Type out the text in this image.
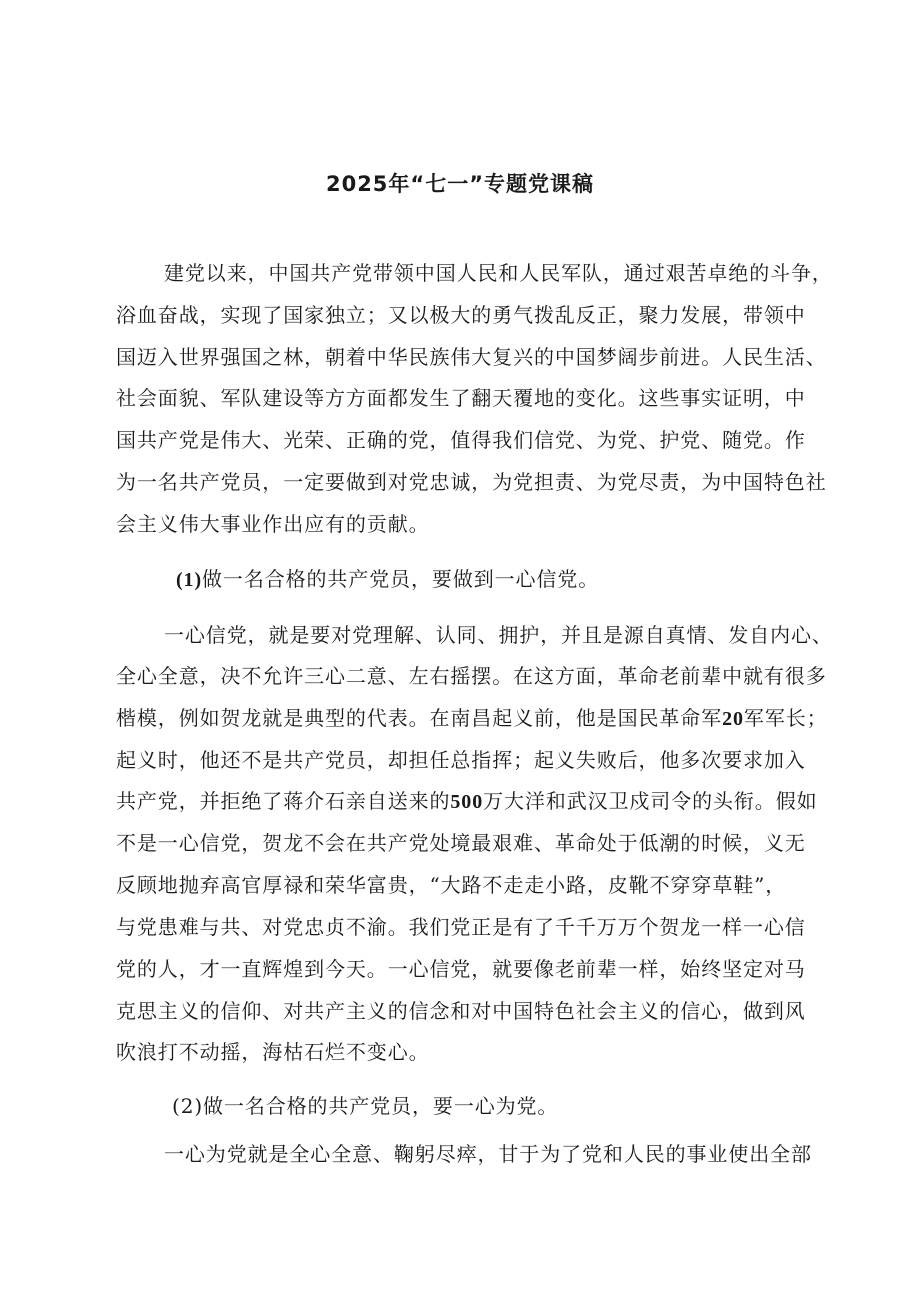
2025年“七一”专题党课稿

建党以来，中国共产党带领中国人民和人民军队，通过艰苦卓绝的斗争，

浴血奋战，实现了国家独立；又以极大的勇气拨乱反正，聚力发展，带领中

国迈入世界强国之林，朝着中华民族伟大复兴的中国梦阔步前进。人民生活、

社会面貌、军队建设等方方面都发生了翻天覆地的变化。这些事实证明，中

国共产党是伟大、光荣、正确的党，值得我们信党、为党、护党、随党。作

为一名共产党员，一定要做到对党忠诚，为党担责、为党尽责，为中国特色社

会主义伟大事业作出应有的贡献。

(1)做一名合格的共产党员，要做到一心信党。

一心信党，就是要对党理解、认同、拥护，并且是源自真情、发自内心、

全心全意，决不允许三心二意、左右摇摆。在这方面，革命老前辈中就有很多

楷模，例如贺龙就是典型的代表。在南昌起义前，他是国民革命军20军军长；

起义时，他还不是共产党员，却担任总指挥；起义失败后，他多次要求加入

共产党，并拒绝了蒋介石亲自送来的500万大洋和武汉卫戍司令的头衔。假如

不是一心信党，贺龙不会在共产党处境最艰难、革命处于低潮的时候，义无

反顾地抛弃高官厚禄和荣华富贵，“大路不走走小路，皮靴不穿穿草鞋”，

与党患难与共、对党忠贞不渝。我们党正是有了千千万万个贺龙一样一心信

党的人，才一直辉煌到今天。一心信党，就要像老前辈一样，始终坚定对马

克思主义的信仰、对共产主义的信念和对中国特色社会主义的信心，做到风

吹浪打不动摇，海枯石烂不变心。

(2)做一名合格的共产党员，要一心为党。

一心为党就是全心全意、鞠躬尽瘁，甘于为了党和人民的事业使出全部
